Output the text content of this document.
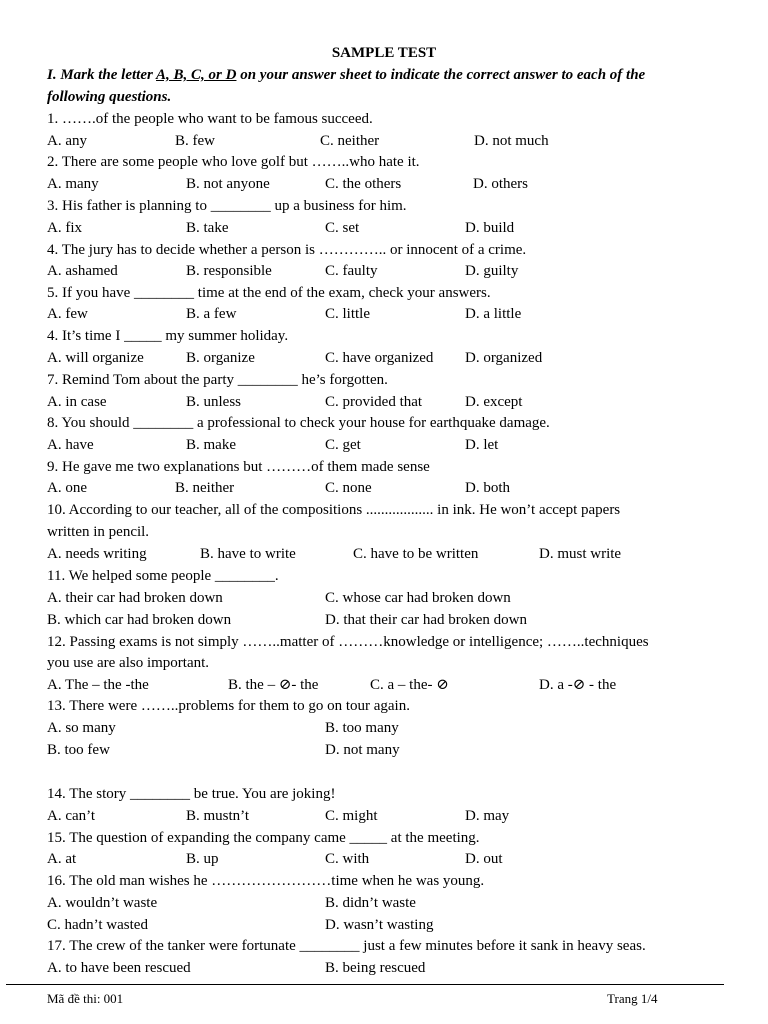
SAMPLE TEST
I. Mark the letter A, B, C, or D on your answer sheet to indicate the correct answer to each of the
following questions.
1. …….of the people who want to be famous succeed.
A. any	B. few	C. neither	D. not much
2. There are some people who love golf but ……..who hate it.
A. many	B. not anyone	C. the others	D. others
3. His father is planning to ________ up a business for him.
A. fix	B. take	C. set	D. build
4. The jury has to decide whether a person is ………….. or innocent of a crime.
A. ashamed	B. responsible	C. faulty	D. guilty
5. If you have ________ time at the end of the exam, check your answers.
A. few	B. a few	C. little	D. a little
4. It’s time I _____ my summer holiday.
A. will organize	B. organize	C. have organized D. organized
7. Remind Tom about the party ________ he’s forgotten.
A. in case	B. unless	C. provided that	D. except
8. You should ________ a professional to check your house for earthquake damage.
A. have	B. make	C. get	D. let
9. He gave me two explanations but ………of them made sense
A. one	B. neither	C. none	D. both
10. According to our teacher, all of the compositions .................. in ink. He won’t accept papers
written in pencil.
A. needs writing	B. have to write	C. have to be written	D. must write
11. We helped some people ________.
A. their car had broken down	C. whose car had broken down
B. which car had broken down	D. that their car had broken down
12. Passing exams is not simply ……..matter of ………knowledge or intelligence; ……..techniques
you use are also important.
A. The – the -the	B. the – ⊘- the	C. a – the- ⊘	D. a -⊘ - the
13. There were ……..problems for them to go on tour again.
A. so many	B. too many
B. too few	D. not many
14. The story ________ be true. You are joking!
A. can’t	B. mustn’t	C. might	D. may
15. The question of expanding the company came _____ at the meeting.
A. at	B. up	C. with	D. out
16. The old man wishes he ……………………time when he was young.
A. wouldn’t waste	B. didn’t waste
C. hadn’t wasted	D. wasn’t wasting
17. The crew of the tanker were fortunate ________ just a few minutes before it sank in heavy seas.
A. to have been rescued	B. being rescued
Mã đề thi: 001	Trang 1/4
